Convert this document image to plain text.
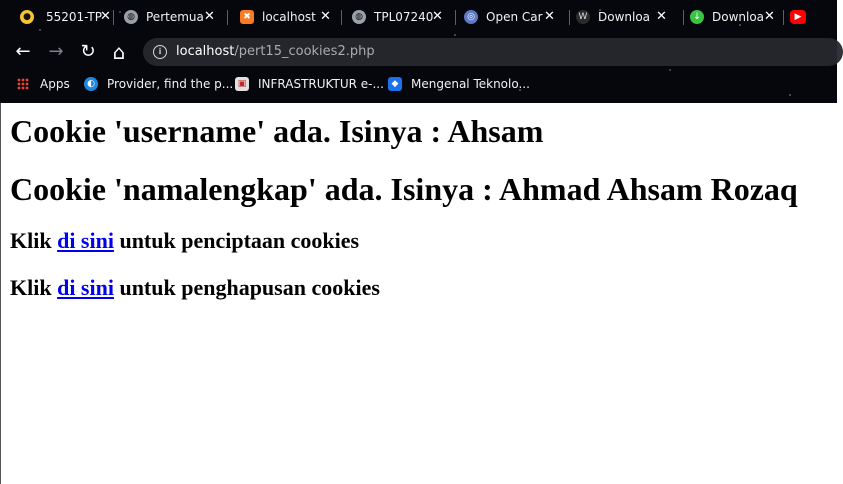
● 55201-TP
✕	◍ Pertemua ✕	✖ localhost ✕	◍ TPL07240
✕	◎ Open Car ✕	W Downloa ✕	↓ Downloa ✕	▶
← → ↻ ⌂	i	localhost/pert15_cookies2.php
Apps	◐ Provider, find the p... ▣ INFRASTRUKTUR e-... ◆ Mengenal Teknolo...
Cookie 'username' ada. Isinya : Ahsam
Cookie 'namalengkap' ada. Isinya : Ahmad Ahsam Rozaq
Klik di sini untuk penciptaan cookies
Klik di sini untuk penghapusan cookies
